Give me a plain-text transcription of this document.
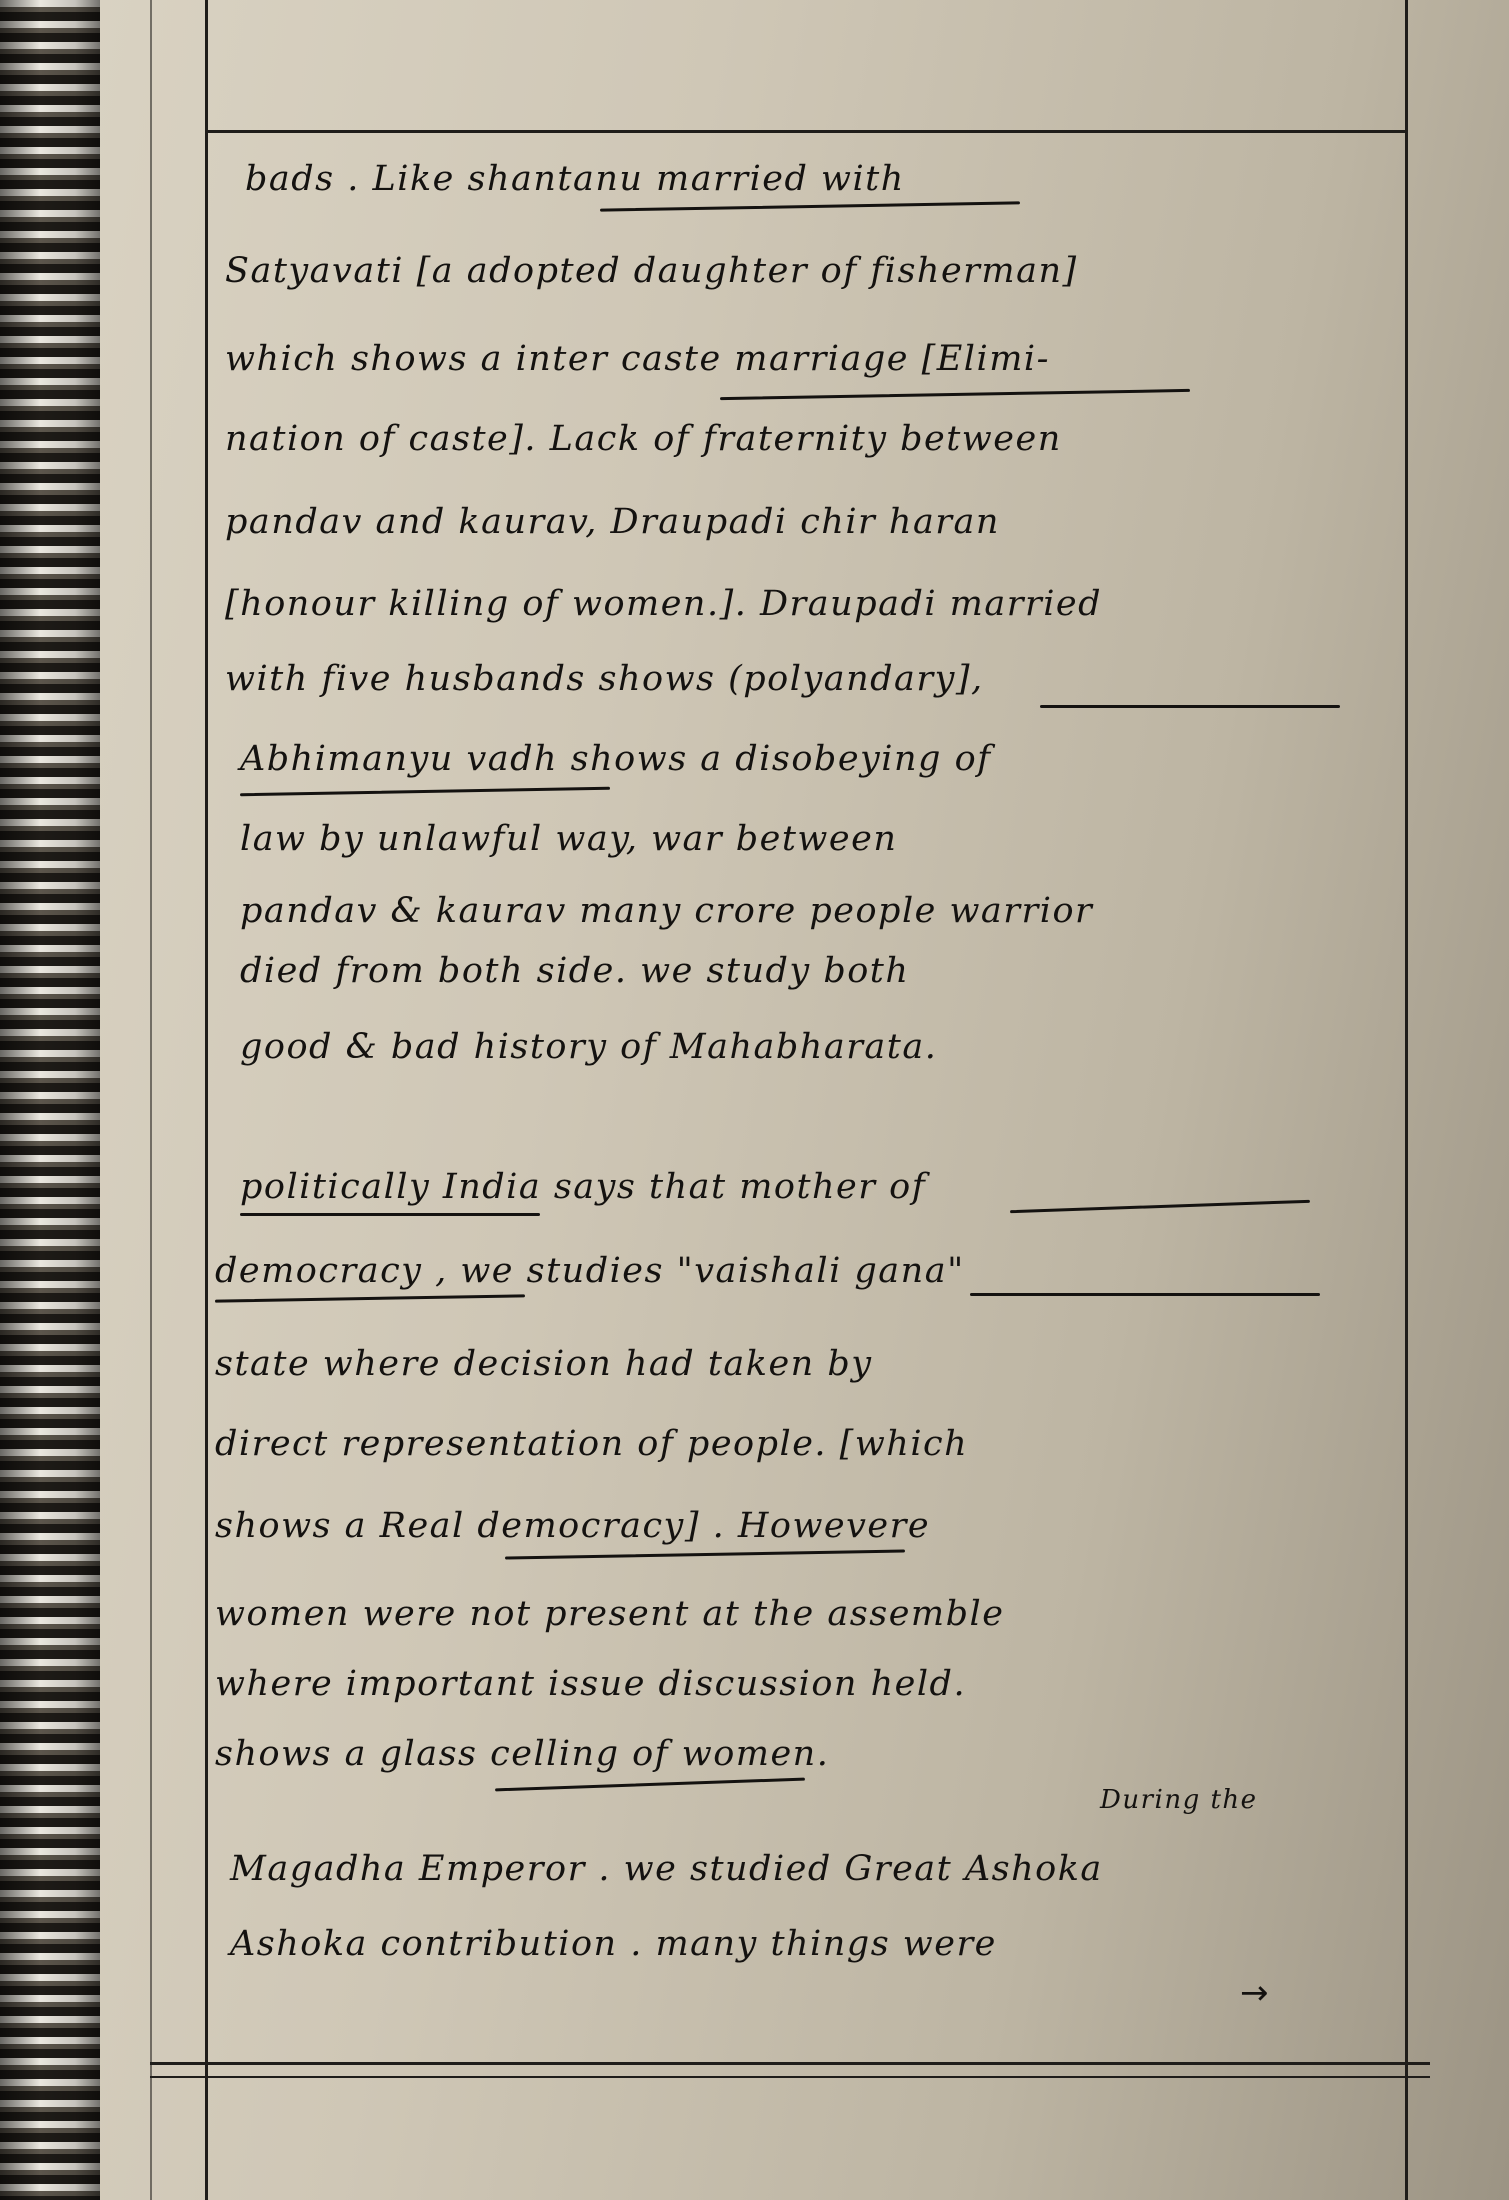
bads . Like shantanu married with
Satyavati [a adopted daughter of fisherman]
which shows a inter caste marriage [Elimi-
nation of caste]. Lack of fraternity between
pandav and kaurav, Draupadi chir haran
[honour killing of women.]. Draupadi married
with five husbands shows (polyandary],
Abhimanyu vadh shows a disobeying of
law by unlawful way, war between
pandav & kaurav many crore people warrior
died from both side. we study both
good & bad history of Mahabharata.
politically India says that mother of
democracy , we studies "vaishali gana"
state where decision had taken by
direct representation of people. [which
shows a Real democracy] . Howevere
women were not present at the assemble
where important issue discussion held.
shows a glass celling of women.
During the
Magadha Emperor . we studied Great Ashoka
Ashoka contribution . many things were
→
